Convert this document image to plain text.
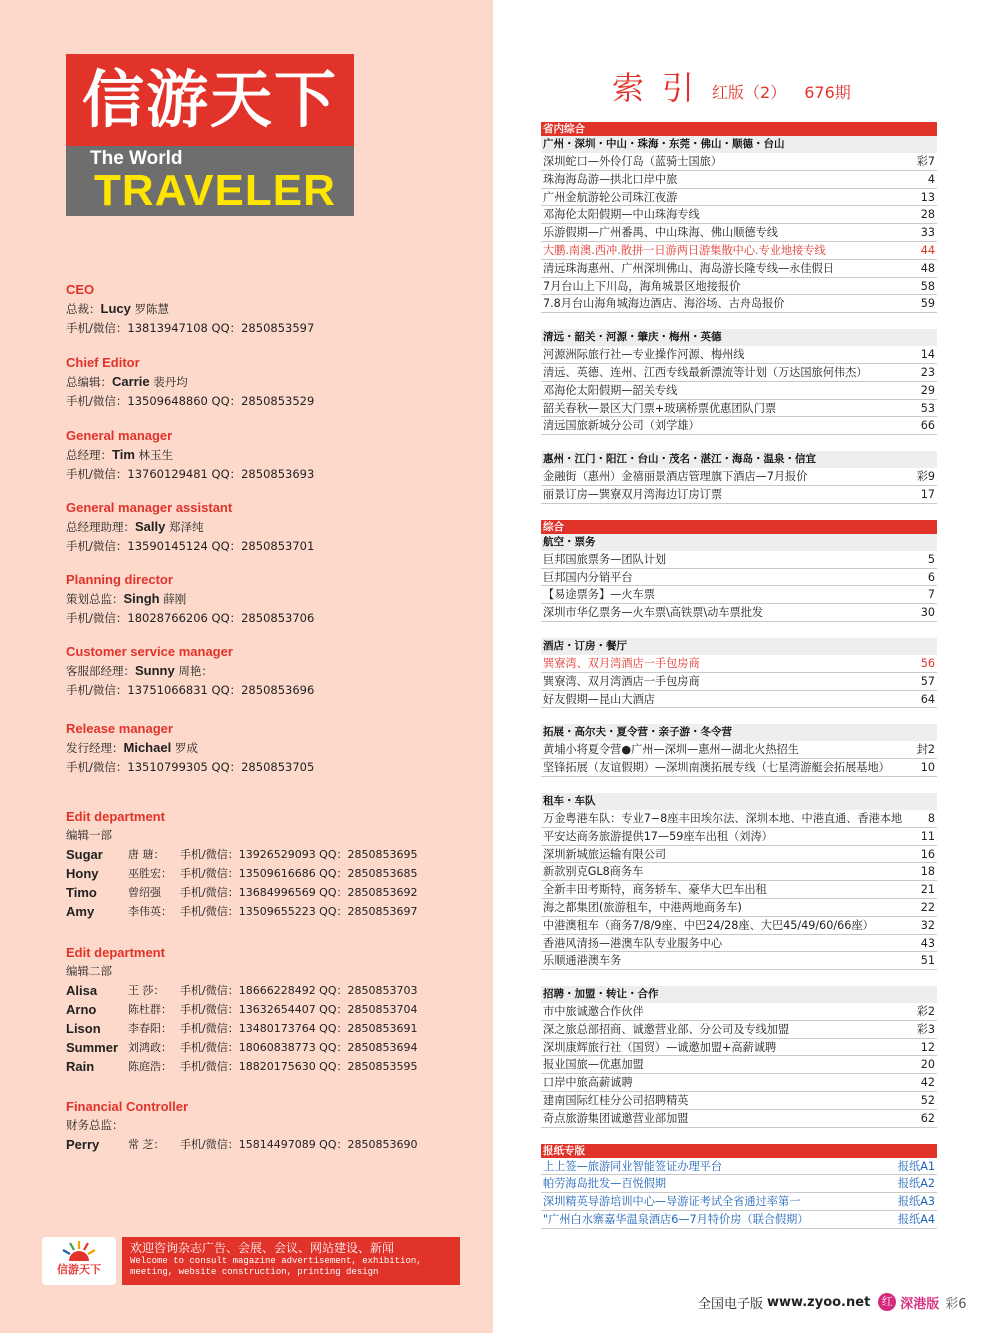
信游天下
The World
TRAVELER
CEO
总裁：Lucy 罗陈慧
手机/微信：13813947108 QQ：2850853597
Chief Editor
总编辑：Carrie 裴丹均
手机/微信：13509648860 QQ：2850853529
General manager
总经理：Tim 林玉生
手机/微信：13760129481 QQ：2850853693
General manager assistant
总经理助理：Sally 郑泽纯
手机/微信：13590145124 QQ：2850853701
Planning director
策划总监：Singh 薛刚
手机/微信：18028766206 QQ：2850853706
Customer service manager
客服部经理：Sunny 周艳：
手机/微信：13751066831 QQ：2850853696
Release manager
发行经理：Michael 罗成
手机/微信：13510799305 QQ：2850853705
Edit department
编辑一部
Sugar	唐 瑭：	手机/微信：13926529093 QQ：2850853695
Hony	巫胜宏： 手机/微信：13509616686 QQ：2850853685
Timo	曾绍强	手机/微信：13684996569 QQ：2850853692
Amy	李伟英： 手机/微信：13509655223 QQ：2850853697
Edit department
编辑二部
Alisa	王 莎：	手机/微信：18666228492 QQ：2850853703
Arno	陈杜群： 手机/微信：13632654407 QQ：2850853704
Lison	李春阳： 手机/微信：13480173764 QQ：2850853691
Summer 刘鸿政： 手机/微信：18060838773 QQ：2850853694
Rain	陈庭浩： 手机/微信：18820175630 QQ：2850853595
Financial Controller
财务总监：
Perry	常 芝：	手机/微信：15814497089 QQ：2850853690
信游天下
欢迎咨询杂志广告、会展、会议、网站建设、新闻
Welcome to consult magazine advertisement, exhibition,
meeting, website construction, printing design
索引 红版（2） 676期
省内综合
广州・深圳・中山・珠海・东莞・佛山・顺德・台山
深圳蛇口—外伶仃岛（蓝骑士国旅）	彩7
珠海海岛游—拱北口岸中旅	4
广州金航游轮公司珠江夜游	13
邓海伦太阳假期—中山珠海专线	28
乐游假期—广州番禺、中山珠海、佛山顺德专线	33
大鹏.南澳.西冲.散拼一日游两日游集散中心.专业地接专线	44
清远珠海惠州、广州深圳佛山、海岛游长隆专线—永佳假日	48
7月台山上下川岛，海角城景区地接报价	58
7.8月台山海角城海边酒店、海浴场、古舟岛报价	59
清远・韶关・河源・肇庆・梅州・英德
河源洲际旅行社—专业操作河源、梅州线	14
清远、英德、连州、江西专线最新漂流等计划（万达国旅何伟杰）	23
邓海伦太阳假期—韶关专线	29
韶关春秋—景区大门票+玻璃桥票优惠团队门票	53
清远国旅新城分公司（刘学雄）	66
惠州・江门・阳江・台山・茂名・湛江・海岛・温泉・信宜
金融街（惠州）金禧丽景酒店管理旗下酒店—7月报价	彩9
丽景订房—巽寮双月湾海边订房订票	17
综合
航空・票务
巨邦国旅票务—团队计划	5
巨邦国内分销平台	6
【易途票务】—火车票	7
深圳市华亿票务—火车票\高铁票\动车票批发	30
酒店・订房・餐厅
巽寮湾、双月湾酒店一手包房商	56
巽寮湾、双月湾酒店一手包房商	57
好友假期—昆山大酒店	64
拓展・高尔夫・夏令营・亲子游・冬令营
黄埔小将夏令营●广州—深圳—惠州—湖北火热招生	封2
坚锋拓展（友谊假期）—深圳南澳拓展专线（七星湾游艇会拓展基地）	10
租车・车队
万金粤港车队：专业7−8座丰田埃尔法、深圳本地、中港直通、香港本地	8
平安达商务旅游提供17—59座车出租（刘涛）	11
深圳新城旅运输有限公司	16
新款别克GL8商务车	18
全新丰田考斯特，商务轿车、豪华大巴车出租	21
海之都集团(旅游租车，中港两地商务车)	22
中港澳租车（商务7/8/9座、中巴24/28座、大巴45/49/60/66座）	32
香港风清扬—港澳车队专业服务中心	43
乐顺通港澳车务	51
招聘・加盟・转让・合作
市中旅诚邀合作伙伴	彩2
深之旅总部招商、诚邀营业部、分公司及专线加盟	彩3
深圳康辉旅行社（国贸）—诚邀加盟+高薪诚聘	12
报业国旅—优惠加盟	20
口岸中旅高薪诚聘	42
建南国际红桂分公司招聘精英	52
奇点旅游集团诚邀营业部加盟	62
报纸专版
上上签—旅游同业智能签证办理平台	报纸A1
帕劳海岛批发—百悦假期	报纸A2
深圳精英导游培训中心—导游证考试全省通过率第一	报纸A3
"广州白水寨嘉华温泉酒店6—7月特价房（联合假期）	报纸A4
全国电子版 www.zyoo.net	红 深港版 彩6
